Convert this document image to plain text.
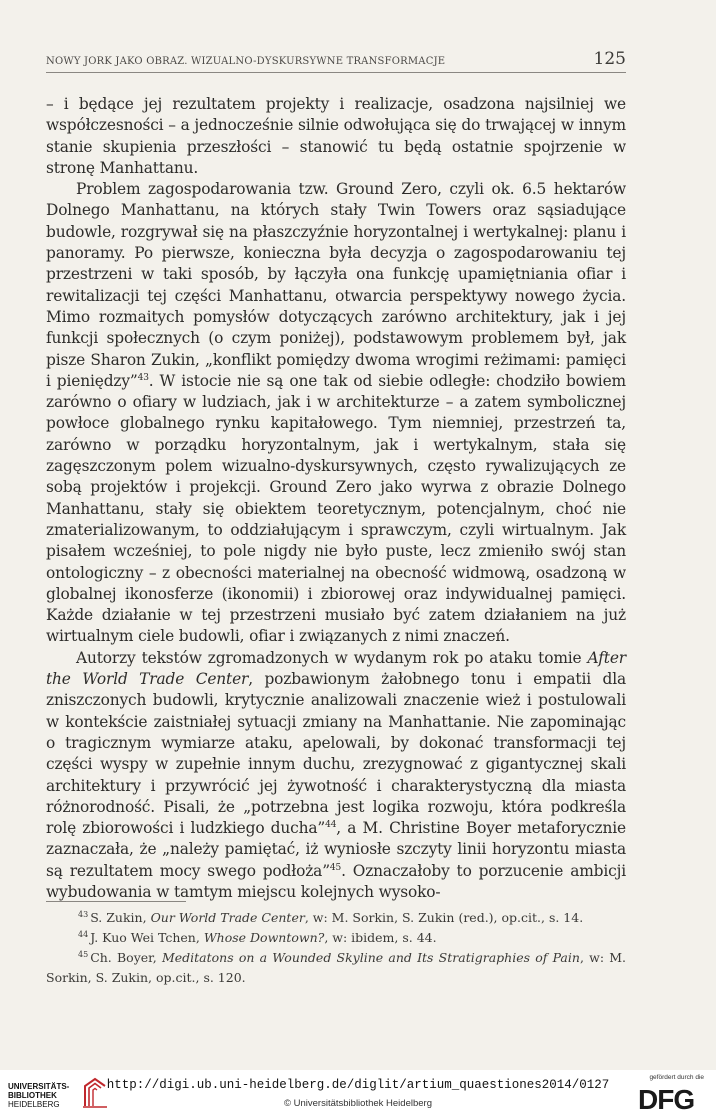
NOWY JORK JAKO OBRAZ. WIZUALNO-DYSKURSYWNE TRANSFORMACJE	125

– i będące jej rezultatem projekty i realizacje, osadzona najsilniej we współczesności – a jednocześnie silnie odwołująca się do trwającej w innym stanie skupienia przeszłości – stanowić tu będą ostatnie spojrzenie w stronę Manhattanu.

Problem zagospodarowania tzw. Ground Zero, czyli ok. 6.5 hektarów Dolnego Manhattanu, na których stały Twin Towers oraz sąsiadujące budowle, rozgrywał się na płaszczyźnie horyzontalnej i wertykalnej: planu i panoramy. Po pierwsze, konieczna była decyzja o zagospodarowaniu tej przestrzeni w taki sposób, by łączyła ona funkcję upamiętniania ofiar i rewitalizacji tej części Manhattanu, otwarcia perspektywy nowego życia. Mimo rozmaitych pomysłów dotyczących zarówno architektury, jak i jej funkcji społecznych (o czym poniżej), podstawowym problemem był, jak pisze Sharon Zukin, „konflikt pomiędzy dwoma wrogimi reżimami: pamięci i pieniędzy”$^{43}$. W istocie nie są one tak od siebie odległe: chodziło bowiem zarówno o ofiary w ludziach, jak i w architekturze – a zatem symbolicznej powłoce globalnego rynku kapitałowego. Tym niemniej, przestrzeń ta, zarówno w porządku horyzontalnym, jak i wertykalnym, stała się zagęszczonym polem wizualno-dyskursywnych, często rywalizujących ze sobą projektów i projekcji. Ground Zero jako wyrwa z obrazie Dolnego Manhattanu, stały się obiektem teoretycznym, potencjalnym, choć nie zmaterializowanym, to oddziałującym i sprawczym, czyli wirtualnym. Jak pisałem wcześniej, to pole nigdy nie było puste, lecz zmieniło swój stan ontologiczny – z obecności materialnej na obecność widmową, osadzoną w globalnej ikonosferze (ikonomii) i zbiorowej oraz indywidualnej pamięci. Każde działanie w tej przestrzeni musiało być zatem działaniem na już wirtualnym ciele budowli, ofiar i związanych z nimi znaczeń.

Autorzy tekstów zgromadzonych w wydanym rok po ataku tomie After the World Trade Center, pozbawionym żałobnego tonu i empatii dla zniszczonych budowli, krytycznie analizowali znaczenie wież i postulowali w kontekście zaistniałej sytuacji zmiany na Manhattanie. Nie zapominając o tragicznym wymiarze ataku, apelowali, by dokonać transformacji tej części wyspy w zupełnie innym duchu, zrezygnować z gigantycznej skali architektury i przywrócić jej żywotność i charakterystyczną dla miasta różnorodność. Pisali, że „potrzebna jest logika rozwoju, która podkreśla rolę zbiorowości i ludzkiego ducha”$^{44}$, a M. Christine Boyer metaforycznie zaznaczała, że „należy pamiętać, iż wyniosłe szczyty linii horyzontu miasta są rezultatem mocy swego podłoża”$^{45}$. Oznaczałoby to porzucenie ambicji wybudowania w tamtym miejscu kolejnych wysoko-

$^{43}$ S. Zukin, Our World Trade Center, w: M. Sorkin, S. Zukin (red.), op.cit., s. 14.

$^{44}$ J. Kuo Wei Tchen, Whose Downtown?, w: ibidem, s. 44.

$^{45}$ Ch. Boyer, Meditatons on a Wounded Skyline and Its Stratigraphies of Pain, w: M. Sorkin, S. Zukin, op.cit., s. 120.

UNIVERSITÄTS-
BIBLIOTHEK
HEIDELBERG
http://digi.ub.uni-heidelberg.de/diglit/artium_quaestiones2014/0127
© Universitätsbibliothek Heidelberg
gefördert durch die
DFG
